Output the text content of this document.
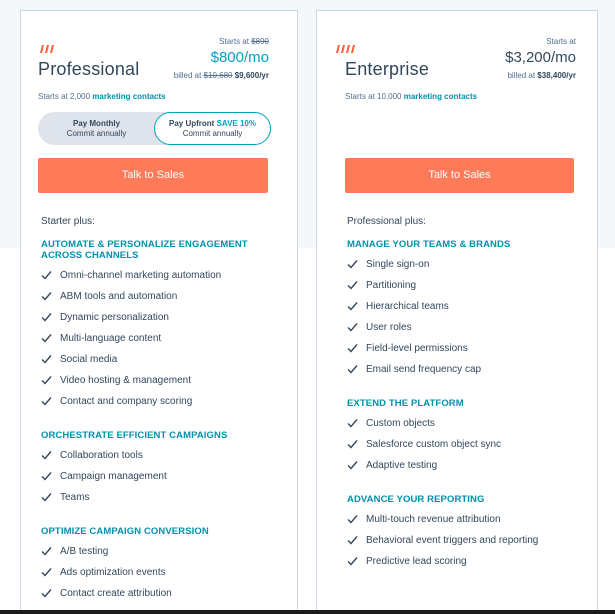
Professional
Starts at $890
$800/mo
billed at $10,680 $9,600/yr
Starts at 2,000 marketing contacts
Pay Monthly
Commit annually
Pay Upfront SAVE 10%
Commit annually
Talk to Sales
Starter plus:
AUTOMATE & PERSONALIZE ENGAGEMENT ACROSS CHANNELS
Omni-channel marketing automation
ABM tools and automation
Dynamic personalization
Multi-language content
Social media
Video hosting & management
Contact and company scoring
ORCHESTRATE EFFICIENT CAMPAIGNS
Collaboration tools
Campaign management
Teams
OPTIMIZE CAMPAIGN CONVERSION
A/B testing
Ads optimization events
Contact create attribution
Enterprise
Starts at
$3,200/mo
billed at $38,400/yr
Starts at 10,000 marketing contacts
Talk to Sales
Professional plus:
MANAGE YOUR TEAMS & BRANDS
Single sign-on
Partitioning
Hierarchical teams
User roles
Field-level permissions
Email send frequency cap
EXTEND THE PLATFORM
Custom objects
Salesforce custom object sync
Adaptive testing
ADVANCE YOUR REPORTING
Multi-touch revenue attribution
Behavioral event triggers and reporting
Predictive lead scoring
